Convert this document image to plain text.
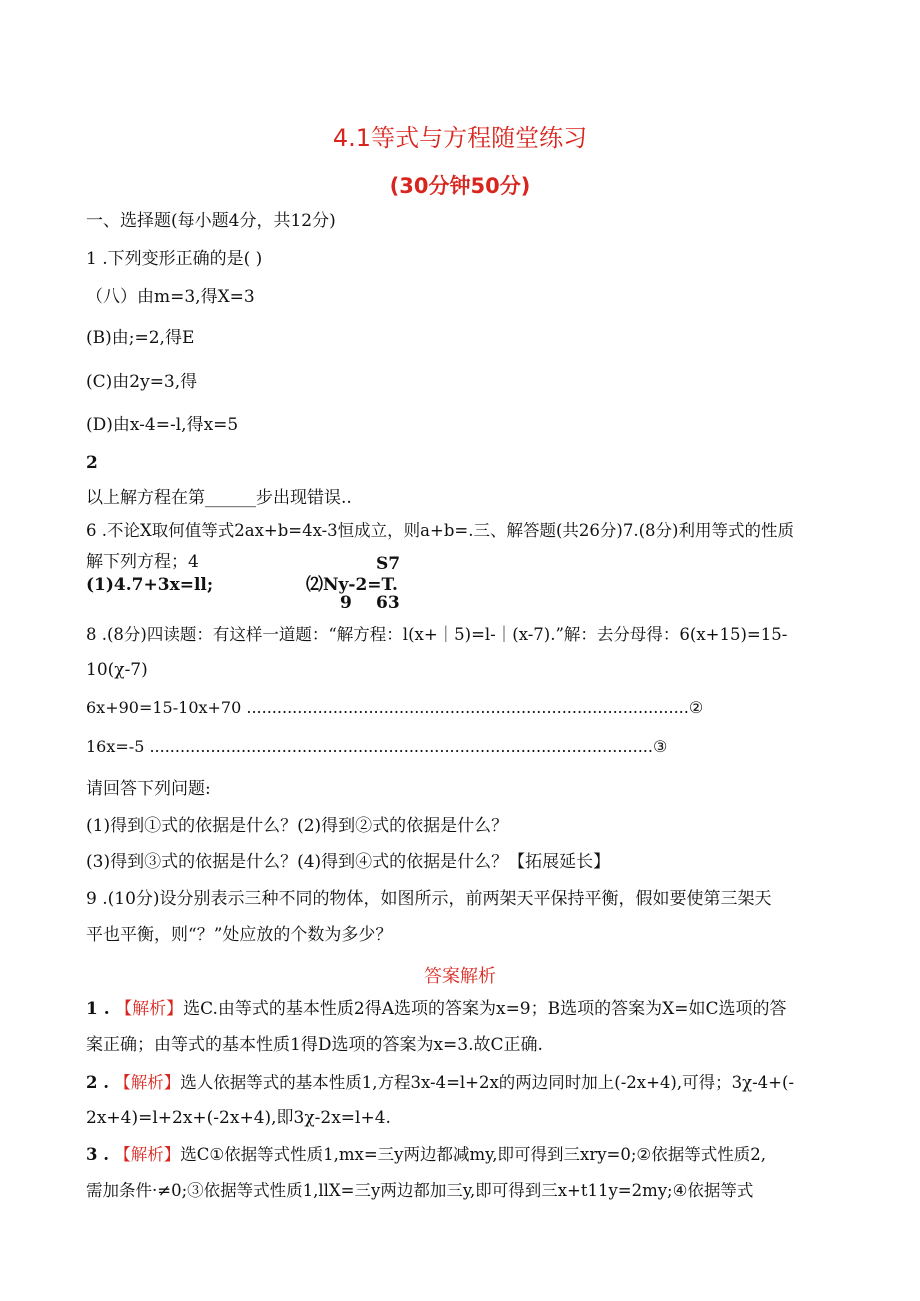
4.1等式与方程随堂练习
(30分钟50分)
一、选择题(每小题4分，共12分)
1 .下列变形正确的是( )
（八）由m=3,得X=3
(B)由;=2,得E
(C)由2y=3,得
(D)由x-4=-l,得x=5
2
以上解方程在第______步出现错误..
6 .不论X取何值等式2ax+b=4x-3恒成立，则a+b=.三、解答题(共26分)7.(8分)利用等式的性质
解下列方程；4	S7
(1)4.7+3x=ll;	⑵Ny-2=T.
9 63
8 .(8分)四读题：有这样一道题：“解方程：l(x+｜5)=l-｜(x-7).”解：去分母得：6(x+15)=15-
10(χ-7)
6x+90=15-10x+70 .......................................................................................②
16x=-5 ...................................................................................................③
请回答下列问题:
(1)得到①式的依据是什么？(2)得到②式的依据是什么？
(3)得到③式的依据是什么？(4)得到④式的依据是什么？【拓展延长】
9 .(10分)设分别表示三种不同的物体，如图所示，前两架天平保持平衡，假如要使第三架天
平也平衡，则“？”处应放的个数为多少？
答案解析
1 . 【解析】选C.由等式的基本性质2得A选项的答案为x=9；B选项的答案为X=如C选项的答
案正确；由等式的基本性质1得D选项的答案为x=3.故C正确.
2 . 【解析】选人依据等式的基本性质1,方程3x-4=l+2x的两边同时加上(-2x+4),可得；3χ-4+(-
2x+4)=l+2x+(-2x+4),即3χ-2x=l+4.
3 . 【解析】选C①依据等式性质1,mx=三y两边都减my,即可得到三xry=0;②依据等式性质2,
需加条件·≠0;③依据等式性质1,llX=三y两边都加三y,即可得到三x+t11y=2my;④依据等式
